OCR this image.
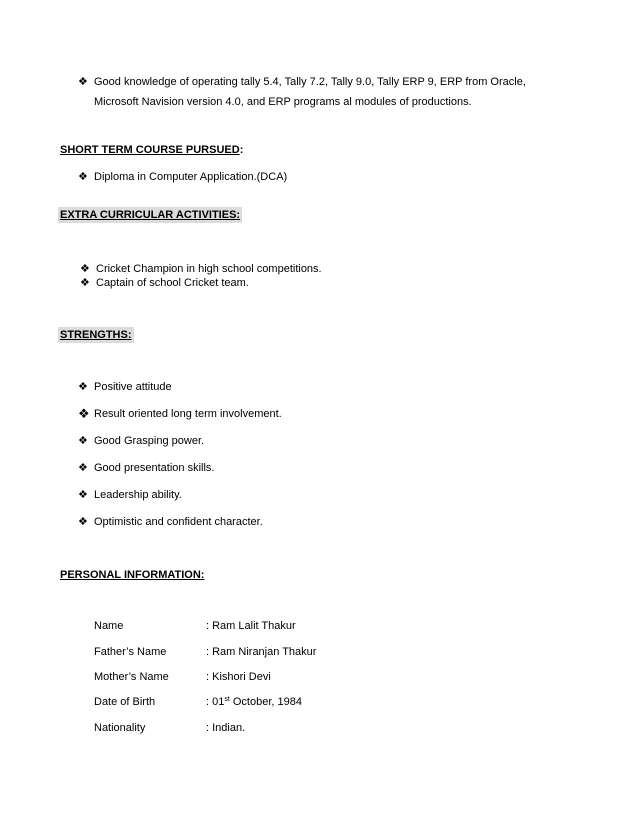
❖ Good knowledge of operating tally 5.4, Tally 7.2, Tally 9.0, Tally ERP 9, ERP from Oracle,
Microsoft Navision version 4.0, and ERP programs al modules of productions.
SHORT TERM COURSE PURSUED:
❖ Diploma in Computer Application.(DCA)
EXTRA CURRICULAR ACTIVITIES:
❖ Cricket Champion in high school competitions.
❖ Captain of school Cricket team.
STRENGTHS:
❖ Positive attitude
❖ Result oriented long term involvement.
❖ Good Grasping power.
❖ Good presentation skills.
❖ Leadership ability.
❖ Optimistic and confident character.
PERSONAL INFORMATION:
Name	: Ram Lalit Thakur
Father’s Name	: Ram Niranjan Thakur
Mother’s Name	: Kishori Devi
Date of Birth	: 01st October, 1984
Nationality	: Indian.
